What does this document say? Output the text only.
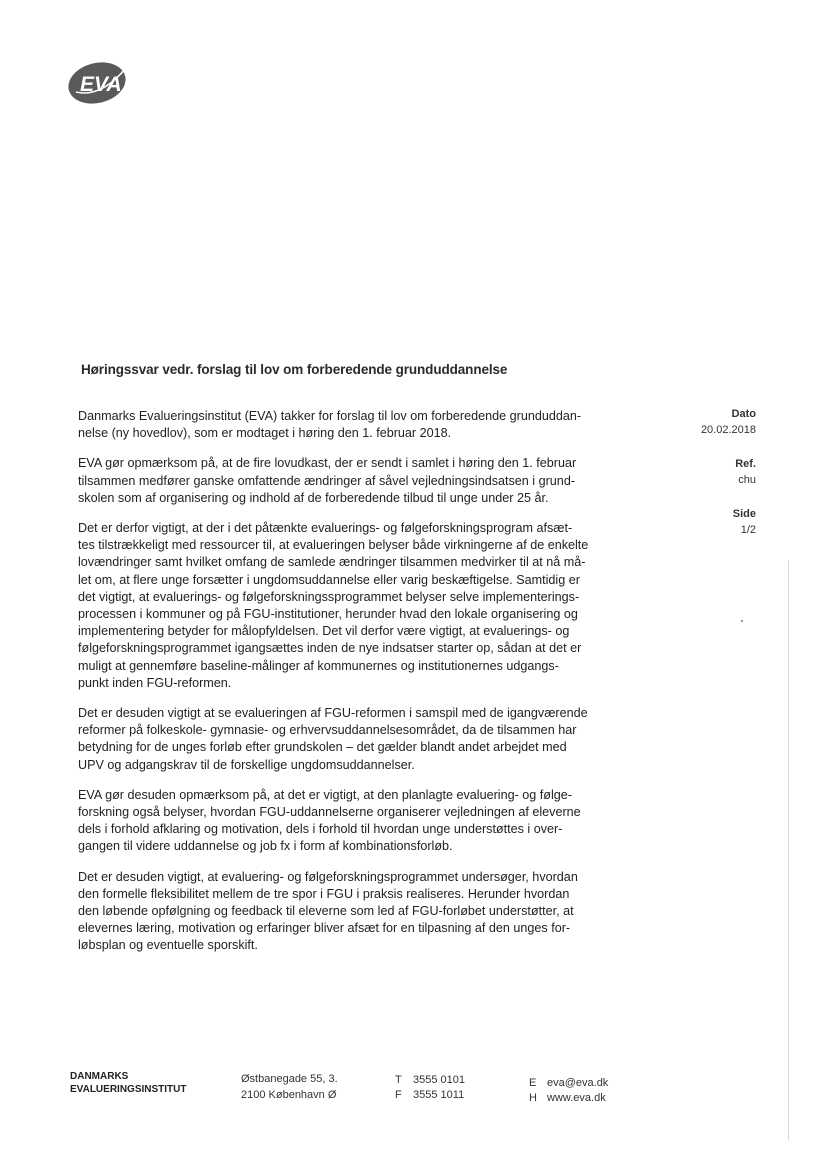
EVA
Høringssvar vedr. forslag til lov om forberedende grunduddannelse

Danmarks Evalueringsinstitut (EVA) takker for forslag til lov om forberedende grunduddan-
nelse (ny hovedlov), som er modtaget i høring den 1. februar 2018.

EVA gør opmærksom på, at de fire lovudkast, der er sendt i samlet i høring den 1. februar
tilsammen medfører ganske omfattende ændringer af såvel vejledningsindsatsen i grund-
skolen som af organisering og indhold af de forberedende tilbud til unge under 25 år.

Det er derfor vigtigt, at der i det påtænkte evaluerings- og følgeforskningsprogram afsæt-
tes tilstrækkeligt med ressourcer til, at evalueringen belyser både virkningerne af de enkelte
lovændringer samt hvilket omfang de samlede ændringer tilsammen medvirker til at nå må-
let om, at flere unge forsætter i ungdomsuddannelse eller varig beskæftigelse. Samtidig er
det vigtigt, at evaluerings- og følgeforskningssprogrammet belyser selve implementerings-
processen i kommuner og på FGU-institutioner, herunder hvad den lokale organisering og
implementering betyder for målopfyldelsen. Det vil derfor være vigtigt, at evaluerings- og
følgeforskningsprogrammet igangsættes inden de nye indsatser starter op, sådan at det er
muligt at gennemføre baseline-målinger af kommunernes og institutionernes udgangs-
punkt inden FGU-reformen.

Det er desuden vigtigt at se evalueringen af FGU-reformen i samspil med de igangværende
reformer på folkeskole- gymnasie- og erhvervsuddannelsesområdet, da de tilsammen har
betydning for de unges forløb efter grundskolen – det gælder blandt andet arbejdet med
UPV og adgangskrav til de forskellige ungdomsuddannelser.

EVA gør desuden opmærksom på, at det er vigtigt, at den planlagte evaluering- og følge-
forskning også belyser, hvordan FGU-uddannelserne organiserer vejledningen af eleverne
dels i forhold afklaring og motivation, dels i forhold til hvordan unge understøttes i over-
gangen til videre uddannelse og job fx i form af kombinationsforløb.

Det er desuden vigtigt, at evaluering- og følgeforskningsprogrammet undersøger, hvordan
den formelle fleksibilitet mellem de tre spor i FGU i praksis realiseres. Herunder hvordan
den løbende opfølgning og feedback til eleverne som led af FGU-forløbet understøtter, at
elevernes læring, motivation og erfaringer bliver afsæt for en tilpasning af den unges for-
løbsplan og eventuelle sporskift.

Dato
20.02.2018
Ref.
chu
Side
1/2
DANMARKS
EVALUERINGSINSTITUT
Østbanegade 55, 3.
2100 København Ø
T 3555 0101
F 3555 1011
E eva@eva.dk
H www.eva.dk
